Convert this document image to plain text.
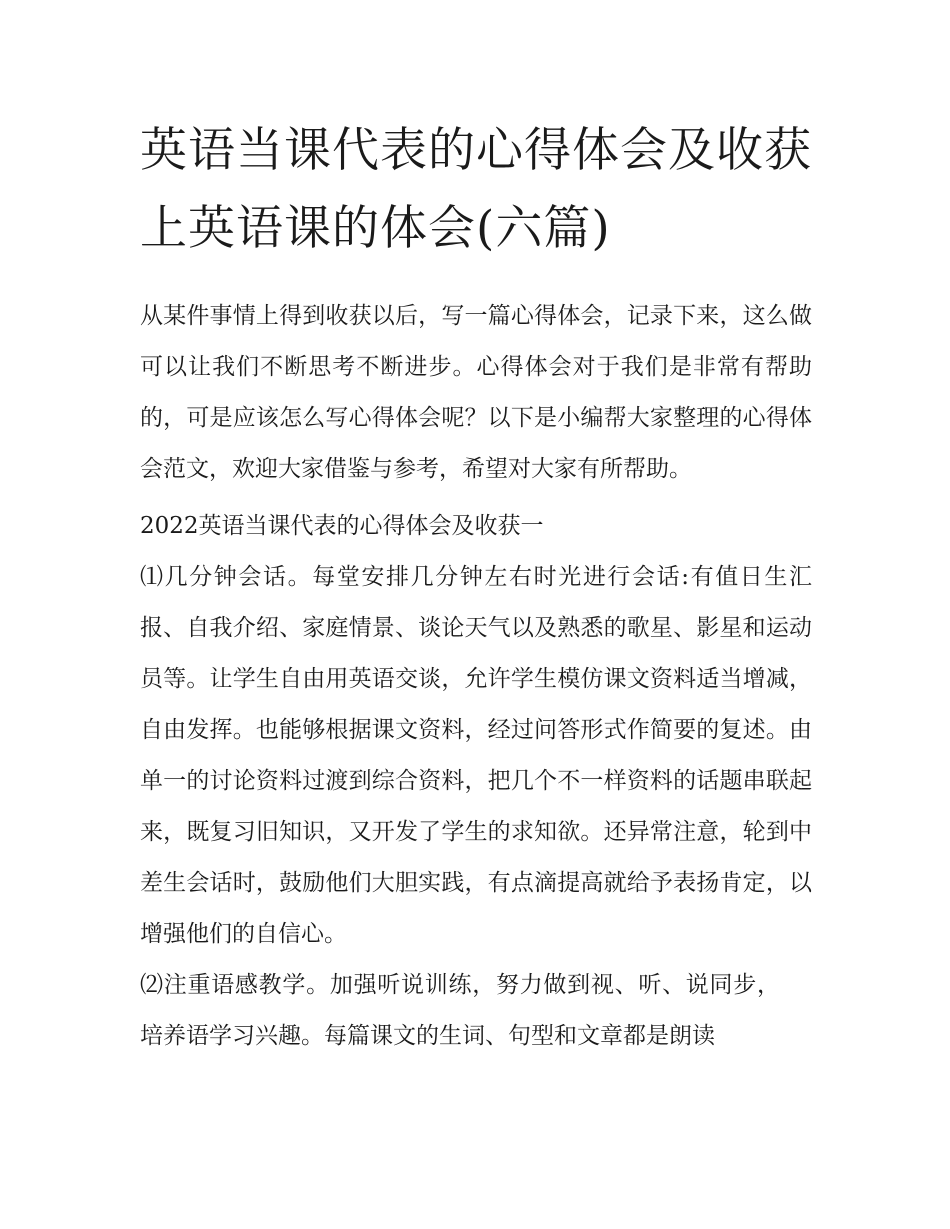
英语当课代表的心得体会及收获 上英语课的体会(六篇)

从某件事情上得到收获以后，写一篇心得体会，记录下来，这么做可以让我们不断思考不断进步。心得体会对于我们是非常有帮助的，可是应该怎么写心得体会呢？以下是小编帮大家整理的心得体会范文，欢迎大家借鉴与参考，希望对大家有所帮助。

2022英语当课代表的心得体会及收获一

⑴几分钟会话。每堂安排几分钟左右时光进行会话:有值日生汇报、自我介绍、家庭情景、谈论天气以及熟悉的歌星、影星和运动员等。让学生自由用英语交谈，允许学生模仿课文资料适当增减，自由发挥。也能够根据课文资料，经过问答形式作简要的复述。由单一的讨论资料过渡到综合资料，把几个不一样资料的话题串联起来，既复习旧知识，又开发了学生的求知欲。还异常注意，轮到中差生会话时，鼓励他们大胆实践，有点滴提高就给予表扬肯定，以增强他们的自信心。

⑵注重语感教学。加强听说训练，努力做到视、听、说同步，培养语学习兴趣。每篇课文的生词、句型和文章都是朗读
